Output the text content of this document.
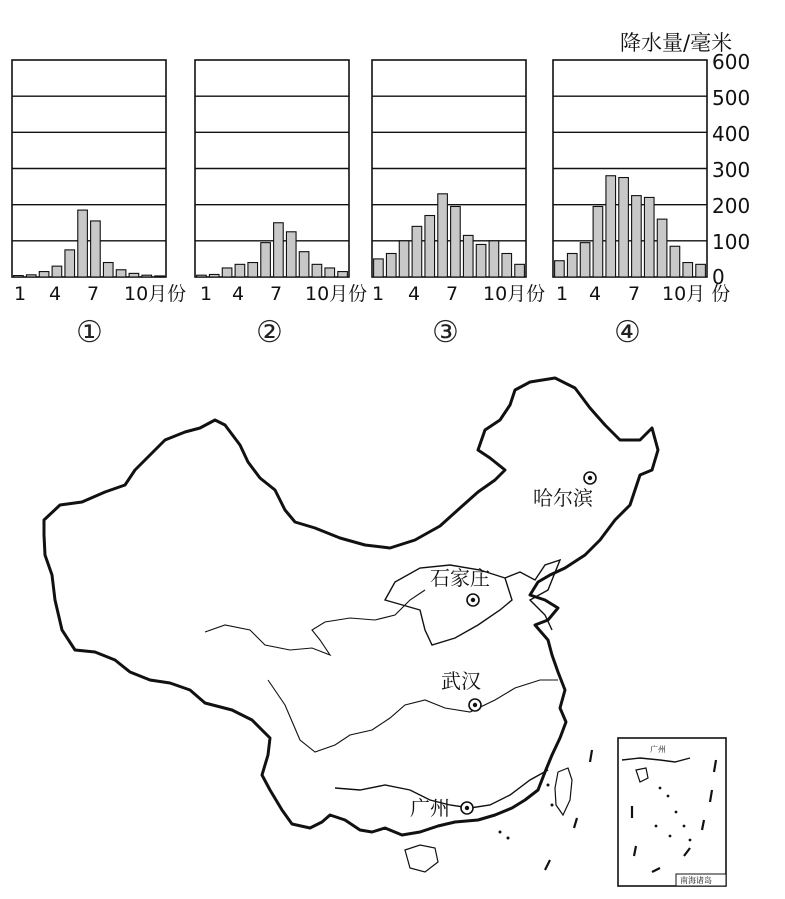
降水量/毫米
1 4 7 10月份
①
1 4 7 10月份
②
1 4 7 10月份
③
1 4 7 10月 份
④
0
100
200
300
400
500
600
哈尔滨
石家庄
武汉
广州
广州
南海诸岛
